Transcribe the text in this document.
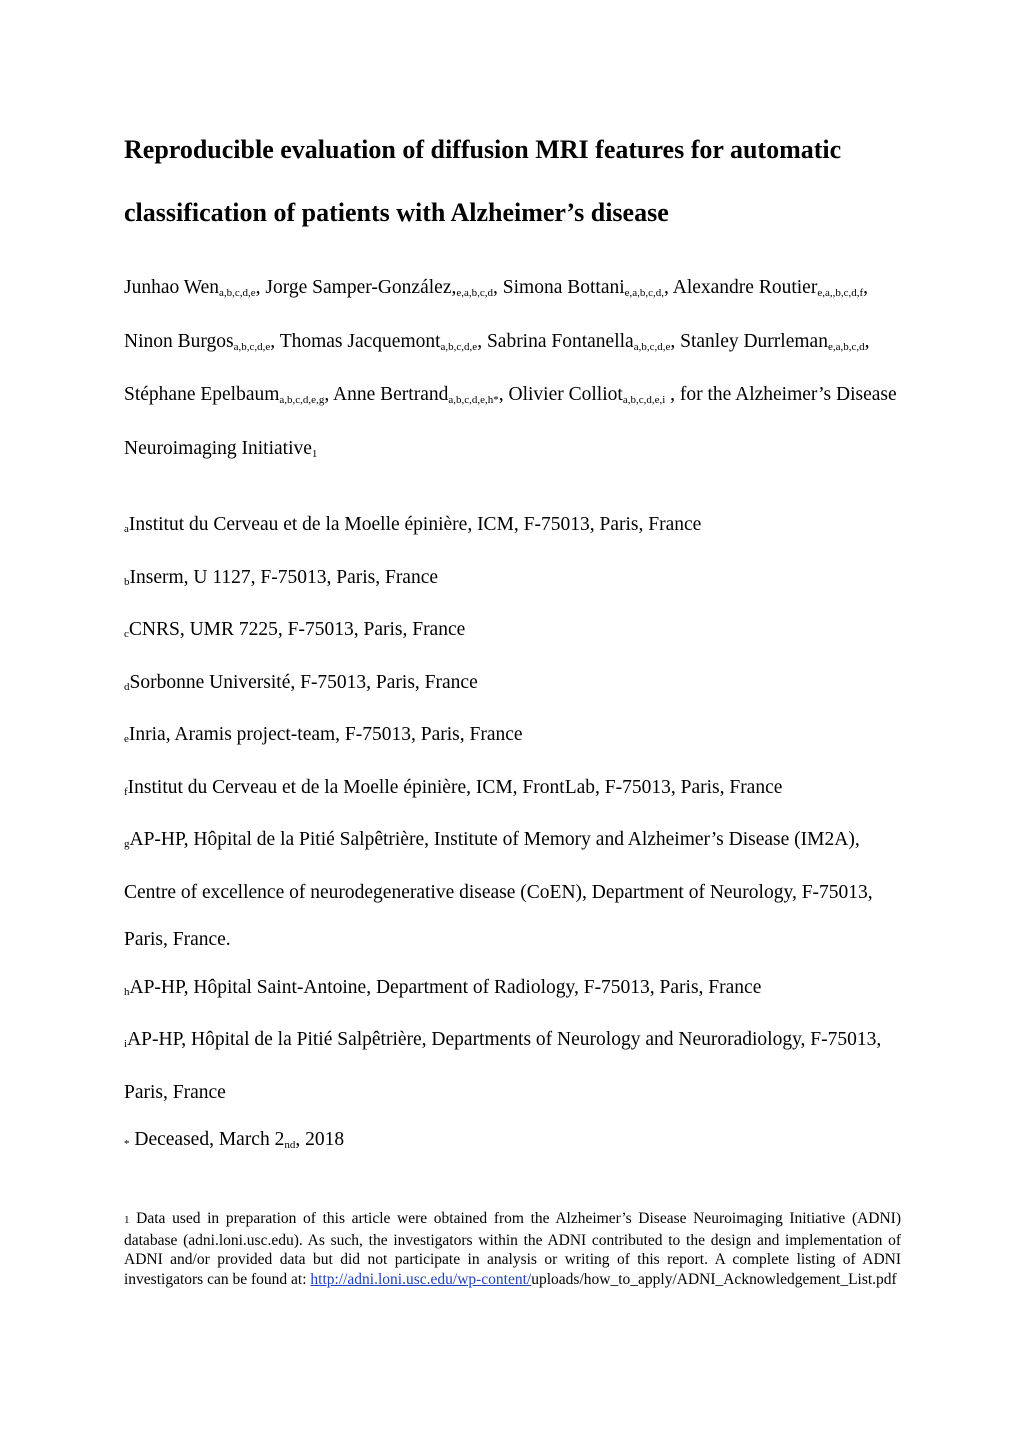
Reproducible evaluation of diffusion MRI features for automatic
classification of patients with Alzheimer’s disease
Junhao Wen$_{a,b,c,d,e}$, Jorge Samper-$González,_{e,a,b,c,d}$, Simona Bottani$_{e,a,b,c,d,}$, Alexandre Routier$_{e,a,,b,c,d,f}$, Ninon Burgos$_{a,b,c,d,e}$, Thomas Jacquemont$_{a,b,c,d,e}$, Sabrina Fontanella$_{a,b,c,d,e}$, Stanley Durrleman$_{e,a,b,c,d}$, Stéphane Epelbaum$_{a,b,c,d,e,g}$, Anne Bertrand$_{a,b,c,d,e,h*}$, Olivier Colliot$_{a,b,c,d,e,i}$ , for the Alzheimer’s Disease Neuroimaging Initiative$_1$
aInstitut du Cerveau et de la Moelle épinière, ICM, F-75013, Paris, France
bInserm, U 1127, F-75013, Paris, France
cCNRS, UMR 7225, F-75013, Paris, France
dSorbonne Université, F-75013, Paris, France
eInria, Aramis project-team, F-75013, Paris, France
fInstitut du Cerveau et de la Moelle épinière, ICM, FrontLab, F-75013, Paris, France
gAP-HP, Hôpital de la Pitié Salpêtrière, Institute of Memory and Alzheimer’s Disease (IM2A), Centre of excellence of neurodegenerative disease (CoEN), Department of Neurology, F-75013, Paris, France.
hAP-HP, Hôpital Saint-Antoine, Department of Radiology, F-75013, Paris, France
iAP-HP, Hôpital de la Pitié Salpêtrière, Departments of Neurology and Neuroradiology, F-75013, Paris, France
* Deceased, March $2_{nd}$, 2018
1 Data used in preparation of this article were obtained from the Alzheimer’s Disease Neuroimaging Initiative (ADNI) database (adni.loni.usc.edu). As such, the investigators within the ADNI contributed to the design and implementation of ADNI and/or provided data but did not participate in analysis or writing of this report. A complete listing of ADNI investigators can be found at: http://adni.loni.usc.edu/wp-content/uploads/how_to_apply/ADNI_Acknowledgement_List.pdf
